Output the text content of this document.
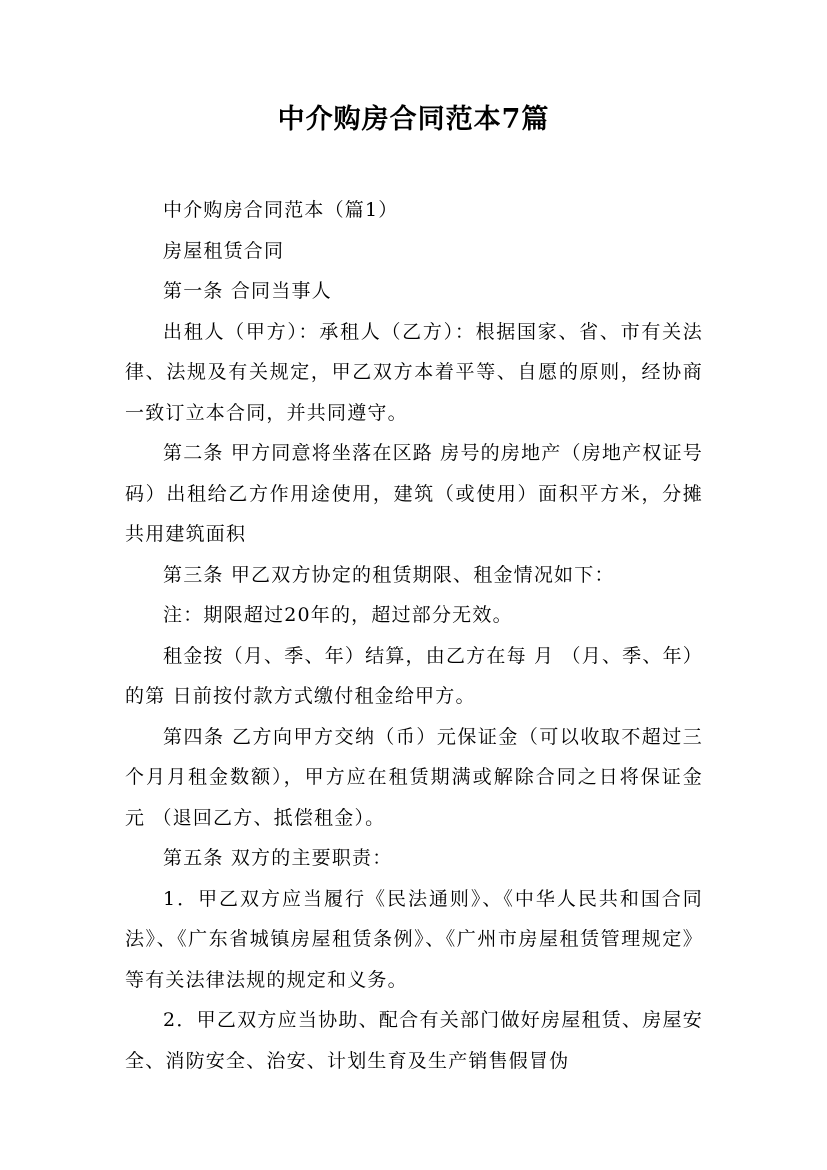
中介购房合同范本7篇

中介购房合同范本（篇1）

房屋租赁合同

第一条 合同当事人

出租人（甲方）：承租人（乙方）：根据国家、省、市有关法律、法规及有关规定，甲乙双方本着平等、自愿的原则，经协商一致订立本合同，并共同遵守。

第二条 甲方同意将坐落在区路 房号的房地产（房地产权证号码）出租给乙方作用途使用，建筑（或使用）面积平方米，分摊共用建筑面积

第三条 甲乙双方协定的租赁期限、租金情况如下：

注：期限超过20年的，超过部分无效。

租金按（月、季、年）结算，由乙方在每 月 （月、季、年）的第 日前按付款方式缴付租金给甲方。

第四条 乙方向甲方交纳（币）元保证金（可以收取不超过三个月月租金数额），甲方应在租赁期满或解除合同之日将保证金 元 （退回乙方、抵偿租金）。

第五条 双方的主要职责：

1．甲乙双方应当履行《民法通则》、《中华人民共和国合同法》、《广东省城镇房屋租赁条例》、《广州市房屋租赁管理规定》等有关法律法规的规定和义务。

2．甲乙双方应当协助、配合有关部门做好房屋租赁、房屋安全、消防安全、治安、计划生育及生产销售假冒伪
